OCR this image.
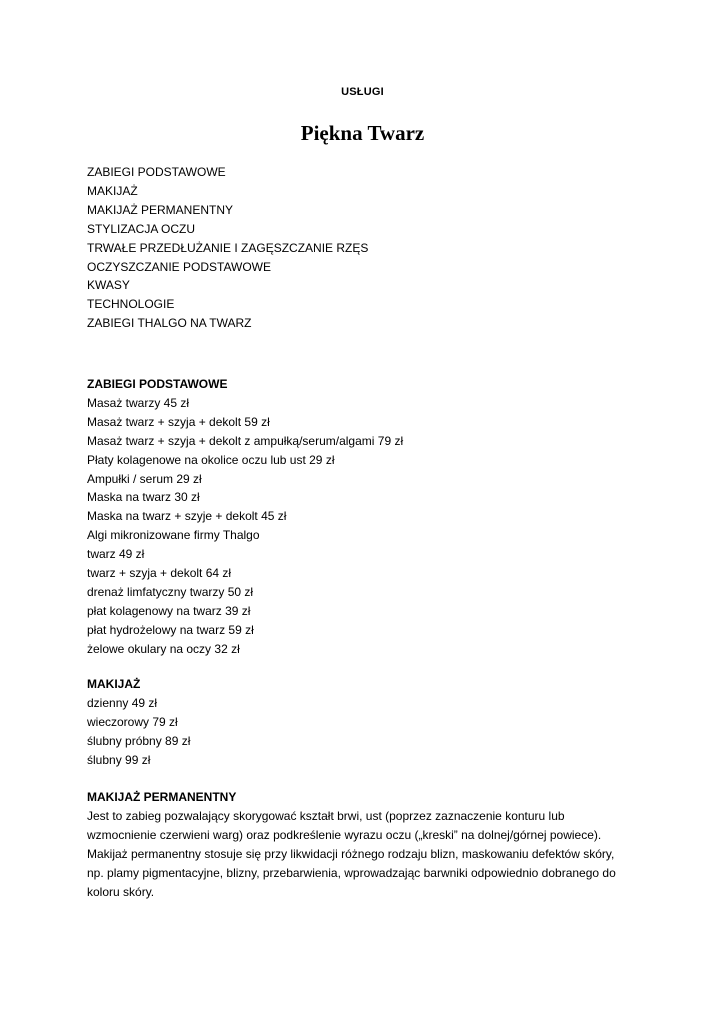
USŁUGI
Piękna Twarz
ZABIEGI PODSTAWOWE
MAKIJAŻ
MAKIJAŻ PERMANENTNY
STYLIZACJA OCZU
TRWAŁE PRZEDŁUŻANIE I ZAGĘSZCZANIE RZĘS
OCZYSZCZANIE PODSTAWOWE
KWASY
TECHNOLOGIE
ZABIEGI THALGO NA TWARZ
ZABIEGI PODSTAWOWE
Masaż twarzy 45 zł
Masaż twarz + szyja + dekolt 59 zł
Masaż twarz + szyja + dekolt z ampułką/serum/algami 79 zł
Płaty kolagenowe na okolice oczu lub ust 29 zł
Ampułki / serum 29 zł
Maska na twarz 30 zł
Maska na twarz + szyje + dekolt 45 zł
Algi mikronizowane firmy Thalgo
twarz 49 zł
twarz + szyja + dekolt 64 zł
drenaż limfatyczny twarzy 50 zł
płat kolagenowy na twarz 39 zł
płat hydrożelowy na twarz 59 zł
żelowe okulary na oczy 32 zł
MAKIJAŻ
dzienny 49 zł
wieczorowy 79 zł
ślubny próbny 89 zł
ślubny 99 zł
MAKIJAŻ PERMANENTNY
Jest to zabieg pozwalający skorygować kształt brwi, ust (poprzez zaznaczenie konturu lub
wzmocnienie czerwieni warg) oraz podkreślenie wyrazu oczu („kreski” na dolnej/górnej powiece).
Makijaż permanentny stosuje się przy likwidacji różnego rodzaju blizn, maskowaniu defektów skóry,
np. plamy pigmentacyjne, blizny, przebarwienia, wprowadzając barwniki odpowiednio dobranego do
koloru skóry.
